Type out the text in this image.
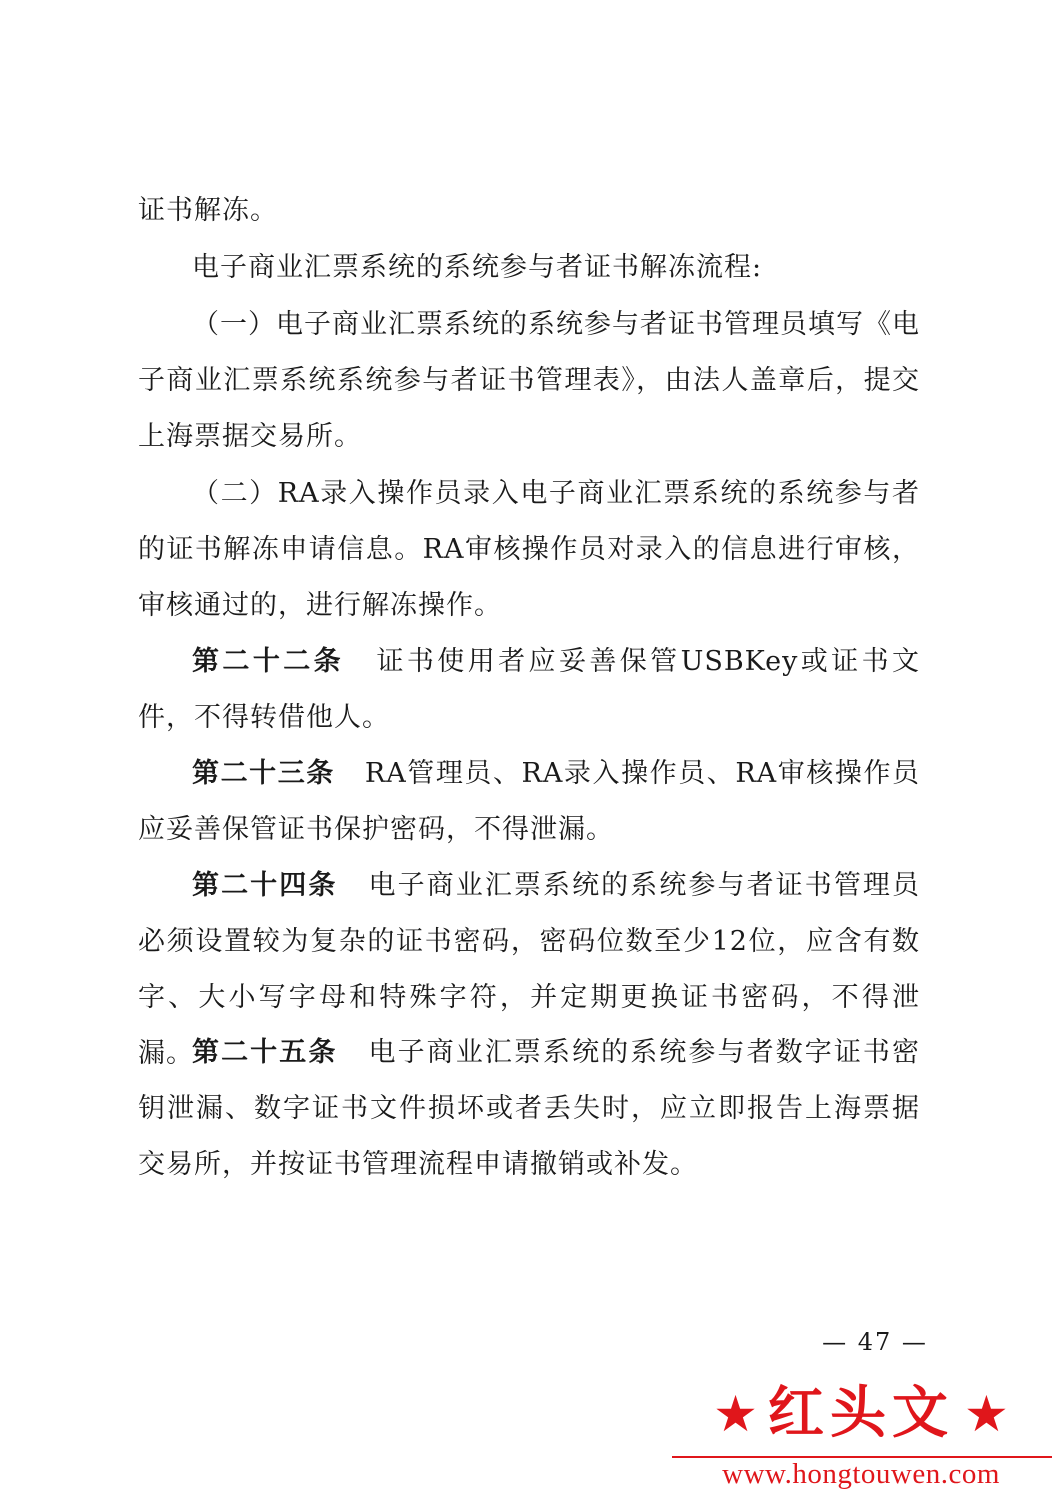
证书解冻。

电子商业汇票系统的系统参与者证书解冻流程:

（一）电子商业汇票系统的系统参与者证书管理员填写《电子商业汇票系统系统参与者证书管理表》，由法人盖章后，提交上海票据交易所。

（二）RA录入操作员录入电子商业汇票系统的系统参与者的证书解冻申请信息。RA审核操作员对录入的信息进行审核，审核通过的，进行解冻操作。

第二十二条 证书使用者应妥善保管USBKey或证书文件，不得转借他人。

第二十三条 RA管理员、RA录入操作员、RA审核操作员应妥善保管证书保护密码，不得泄漏。

第二十四条 电子商业汇票系统的系统参与者证书管理员必须设置较为复杂的证书密码，密码位数至少12位，应含有数字、大小写字母和特殊字符，并定期更换证书密码，不得泄漏。

第二十五条 电子商业汇票系统的系统参与者数字证书密钥泄漏、数字证书文件损坏或者丢失时，应立即报告上海票据交易所，并按证书管理流程申请撤销或补发。

— 47 —
★ 红头文 ★
www.hongtouwen.com
